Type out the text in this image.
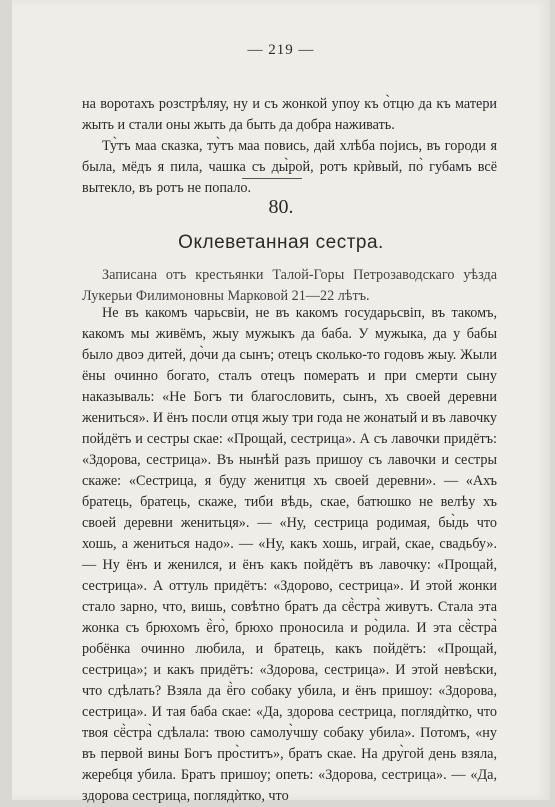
— 219 —

на воротахъ розстрѣляу, ну и съ жонкой упоу къ о̀тцю да къ матери жыть и стали оны жыть да быть да добра наживать.

Ту̀тъ маа сказка, ту̀тъ маа повись, дай хлѣба поjись, въ городи я была, мёдъ я пила, чашка съ ды̀рой, ротъ крѝвый, по̀ губамъ всё вытекло, въ ротъ не попало.

80.
Оклеветанная сестра.

Записана отъ крестьянки Талой-Горы Петрозаводскаго уѣзда Лукерьи Филимоновны Марковой 21—22 лѣтъ.

Не въ какомъ чарьсвіи, не въ какомъ государьсвіп, въ такомъ, какомъ мы живёмъ, жыу мужыкъ да баба. У мужыка, да у бабы было двоэ дитей, до̀чи да сынъ; отецъ сколько-то годовъ жыу. Жыли ёны очинно богато, сталъ отецъ померать и при смерти сыну наказываль: «Не Богъ ти благословить, сынъ, хъ своей деревни жениться». И ёнъ посли отця жыу три года не жонатый и въ лавочку пойдётъ и сестры скае: «Прощай, сестрица». А съ лавочки придётъ: «Здорова, сестрица». Въ нынѣй разъ пришоу съ лавочки и сестры скаже: «Сестрица, я буду женитця хъ своей деревни». — «Ахъ братець, братець, скаже, тиби вѣдь, скае, батюшко не велѣу хъ своей деревни женитьця». — «Ну, сестрица родимая, бы̀дь что хошь, а жениться надо». — «Ну, какъ хошь, играй, скае, свадьбу». — Ну ёнъ и женился, и ёнъ какъ пойдётъ въ лавочку: «Прощай, сестрица». А оттуль придётъ: «Здорово, сестрица». И этой жонки стало зарно, что, вишь, совѣтно братъ да сё̀стра̀ живутъ. Стала эта жонка съ брюхомъ ё̀го̀, брюхо проносила и ро̀дила. И эта сё̀стра̀ робёнка очинно любила, и братець, какъ пойдётъ: «Прощай, сестрица»; и какъ придётъ: «Здорова, сестрица». И этой невѣски, что сдѣлать? Взяла да ё̀го собаку убила, и ёнъ пришоу: «Здорова, сестрица». И тая баба скае: «Да, здорова сестрица, поглядѝтко, что твоя сё̀стра̀ сдѣлала: твою самолу̀чшу собаку убила». Потомъ, «ну въ первой вины Богъ про̀ститъ», братъ скае. На дру̀гой день взяла, жеребця убила. Братъ пришоу; опеть: «Здорова, сестрица». — «Да, здорова сестрица, поглядѝтко, что
